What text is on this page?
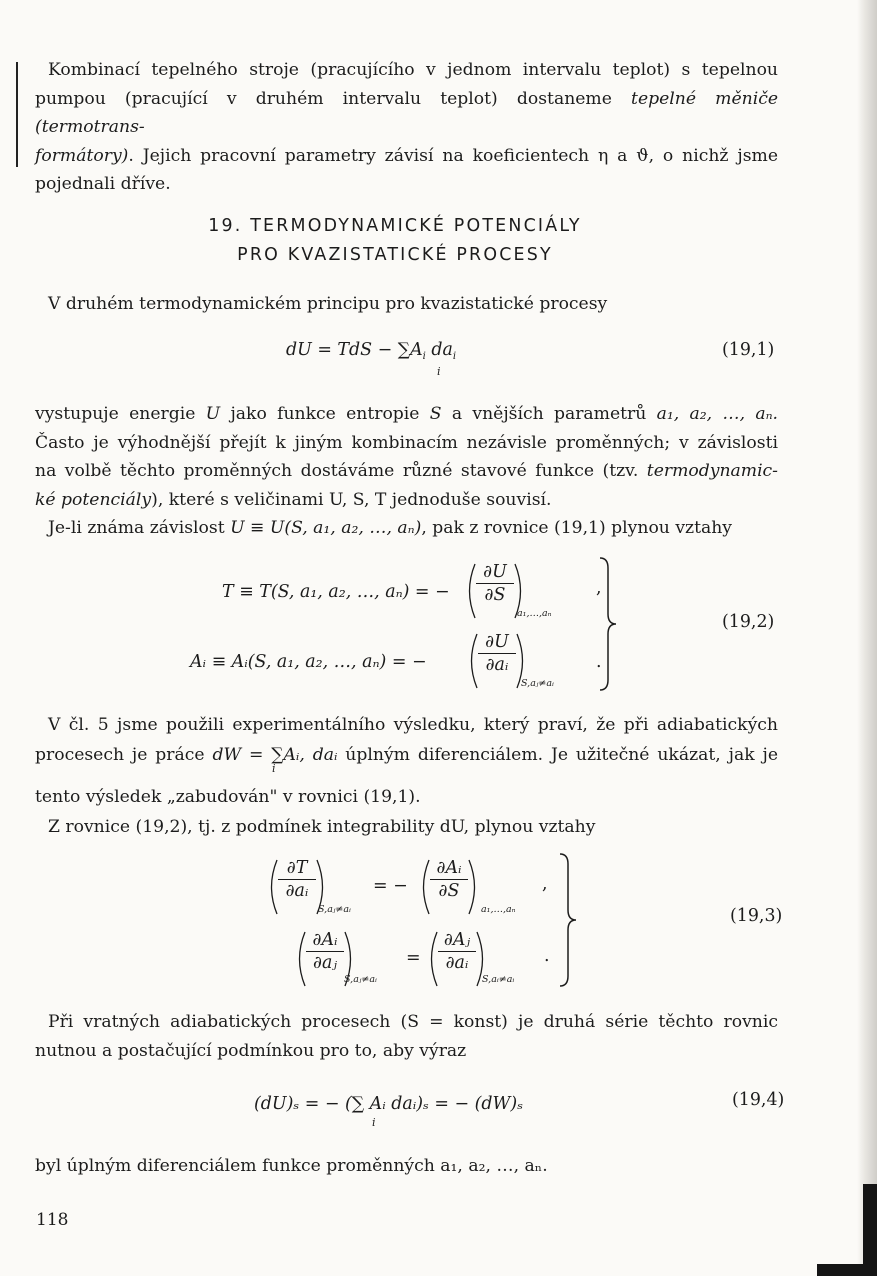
Kombinací tepelného stroje (pracujícího v jednom intervalu teplot) s tepelnou
pumpou (pracující v druhém intervalu teplot) dostaneme tepelné měniče (termotrans-
formátory). Jejich pracovní parametry závisí na koeficientech η a ϑ, o nichž jsme
pojednali dříve.
19. TERMODYNAMICKÉ POTENCIÁLY
PRO KVAZISTATICKÉ PROCESY
V druhém termodynamickém principu pro kvazistatické procesy
dU = TdS − $\sum A_i$ $da_i$
i
(19,1)
vystupuje energie U jako funkce entropie S a vnějších parametrů a₁, a₂, …, aₙ.
Často je výhodnější přejít k jiným kombinacím nezávisle proměnných; v závislosti
na volbě těchto proměnných dostáváme různé stavové funkce (tzv. termodynamic-
ké potenciály), které s veličinami U, S, T jednoduše souvisí.
Je-li známa závislost U ≡ U(S, a₁, a₂, …, aₙ), pak z rovnice (19,1) plynou vztahy
T ≡ T(S, a₁, a₂, …, aₙ) = −
∂U
∂S
a₁,…,aₙ
,
Aᵢ ≡ Aᵢ(S, a₁, a₂, …, aₙ) = −
∂U
∂aᵢ
S,aⱼ≠aᵢ
.
(19,2)
V čl. 5 jsme použili experimentálního výsledku, který praví, že při adiabatických
procesech je práce dW = ∑Aᵢ, daᵢ úplným diferenciálem. Je užitečné ukázat, jak je
tento výsledek „zabudován" v rovnici (19,1).
Z rovnice (19,2), tj. z podmínek integrability dU, plynou vztahy
i
∂T
∂aᵢ
S,aⱼ≠aᵢ
= −
∂Aᵢ
∂S
a₁,…,aₙ
,
∂Aᵢ
∂aⱼ
S,aⱼ≠aᵢ
=
∂Aⱼ
∂aᵢ
S,aᵢ≠aᵢ
.
(19,3)
Při vratných adiabatických procesech (S = konst) je druhá série těchto rovnic
nutnou a postačující podmínkou pro to, aby výraz
(dU)ₛ = − (∑ Aᵢ daᵢ)ₛ = − (dW)ₛ
i
(19,4)
byl úplným diferenciálem funkce proměnných a₁, a₂, …, aₙ.
118
